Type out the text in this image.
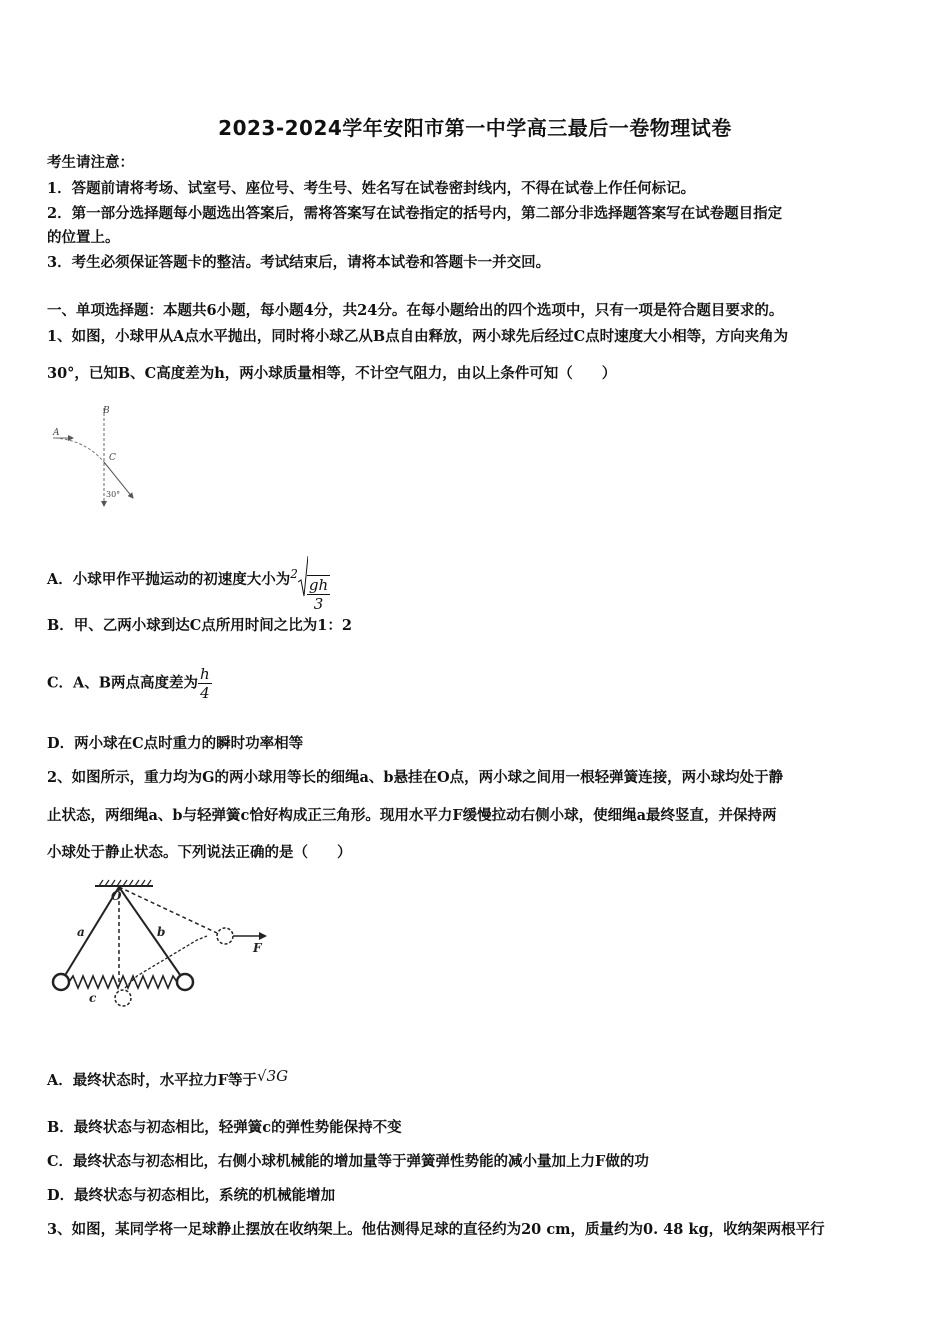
2023-2024学年安阳市第一中学高三最后一卷物理试卷
考生请注意：
1．答题前请将考场、试室号、座位号、考生号、姓名写在试卷密封线内，不得在试卷上作任何标记。
2．第一部分选择题每小题选出答案后，需将答案写在试卷指定的括号内，第二部分非选择题答案写在试卷题目指定
的位置上。
3．考生必须保证答题卡的整洁。考试结束后，请将本试卷和答题卡一并交回。
一、单项选择题：本题共6小题，每小题4分，共24分。在每小题给出的四个选项中，只有一项是符合题目要求的。
1、如图，小球甲从A点水平抛出，同时将小球乙从B点自由释放，两小球先后经过C点时速度大小相等，方向夹角为
30°，已知B、C高度差为h，两小球质量相等，不计空气阻力，由以上条件可知（　　）
B
A
C
30°
A．小球甲作平抛运动的初速度大小为$^2$
$\frac{gh}{3}$
B．甲、乙两小球到达C点所用时间之比为1：2
C．A、B两点高度差为 $\frac{h}{4}$
D．两小球在C点时重力的瞬时功率相等
2、如图所示，重力均为G的两小球用等长的细绳a、b悬挂在O点，两小球之间用一根轻弹簧连接，两小球均处于静
止状态，两细绳a、b与轻弹簧c恰好构成正三角形。现用水平力F缓慢拉动右侧小球，使细绳a最终竖直，并保持两
小球处于静止状态。下列说法正确的是（　　）
O
a	b
c
F
A．最终状态时，水平拉力F等于√3G
B．最终状态与初态相比，轻弹簧c的弹性势能保持不变
C．最终状态与初态相比，右侧小球机械能的增加量等于弹簧弹性势能的减小量加上力F做的功
D．最终状态与初态相比，系统的机械能增加
3、如图，某同学将一足球静止摆放在收纳架上。他估测得足球的直径约为20 cm，质量约为0. 48 kg，收纳架两根平行
